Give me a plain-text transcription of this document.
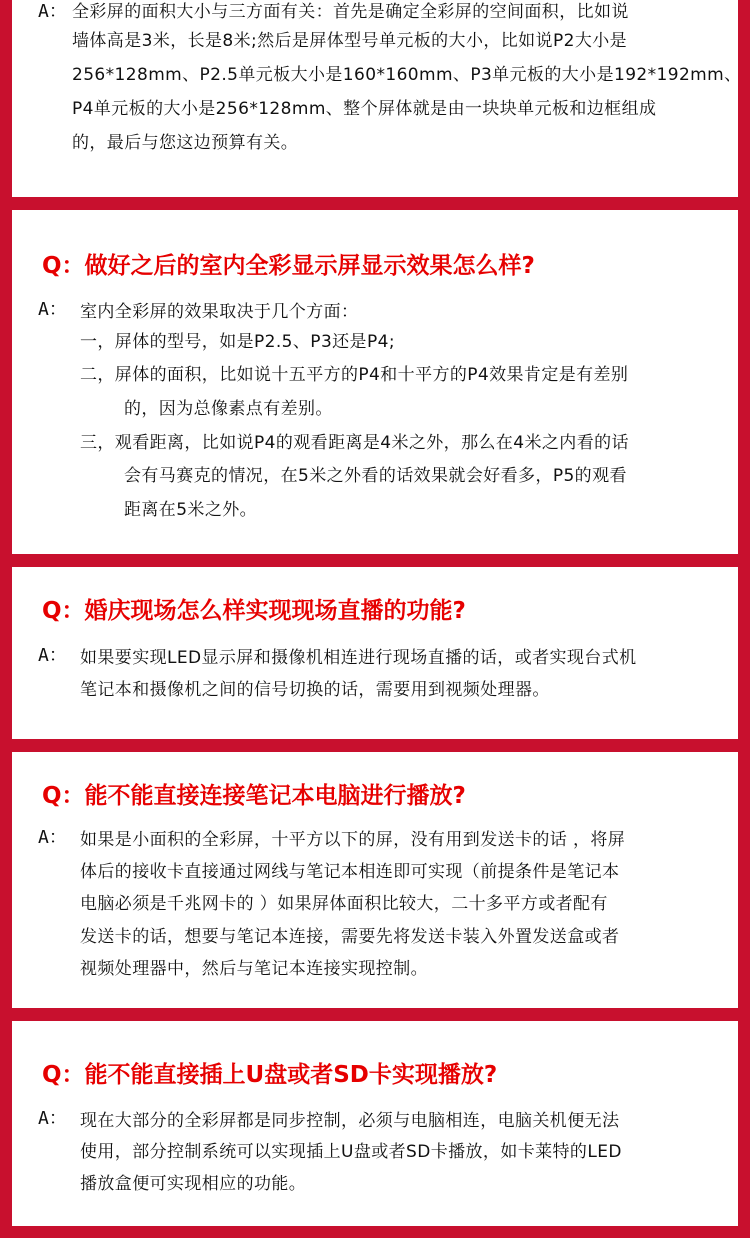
A： 全彩屏的面积大小与三方面有关：首先是确定全彩屏的空间面积，比如说
墙体高是3米，长是8米;然后是屏体型号单元板的大小，比如说P2大小是
256*128mm、P2.5单元板大小是160*160mm、P3单元板的大小是192*192mm、
P4单元板的大小是256*128mm、整个屏体就是由一块块单元板和边框组成
的，最后与您这边预算有关。
Q：做好之后的室内全彩显示屏显示效果怎么样?
A： 室内全彩屏的效果取决于几个方面：
一，屏体的型号，如是P2.5、P3还是P4;
二，屏体的面积，比如说十五平方的P4和十平方的P4效果肯定是有差别
的，因为总像素点有差别。
三，观看距离，比如说P4的观看距离是4米之外，那么在4米之内看的话
会有马赛克的情况，在5米之外看的话效果就会好看多，P5的观看
距离在5米之外。
Q：婚庆现场怎么样实现现场直播的功能?
A： 如果要实现LED显示屏和摄像机相连进行现场直播的话，或者实现台式机
笔记本和摄像机之间的信号切换的话，需要用到视频处理器。
Q：能不能直接连接笔记本电脑进行播放?
A： 如果是小面积的全彩屏，十平方以下的屏，没有用到发送卡的话 ，将屏
体后的接收卡直接通过网线与笔记本相连即可实现（前提条件是笔记本
电脑必须是千兆网卡的 ）如果屏体面积比较大，二十多平方或者配有
发送卡的话，想要与笔记本连接，需要先将发送卡装入外置发送盒或者
视频处理器中，然后与笔记本连接实现控制。
Q：能不能直接插上U盘或者SD卡实现播放?
A： 现在大部分的全彩屏都是同步控制，必须与电脑相连，电脑关机便无法
使用，部分控制系统可以实现插上U盘或者SD卡播放，如卡莱特的LED
播放盒便可实现相应的功能。
